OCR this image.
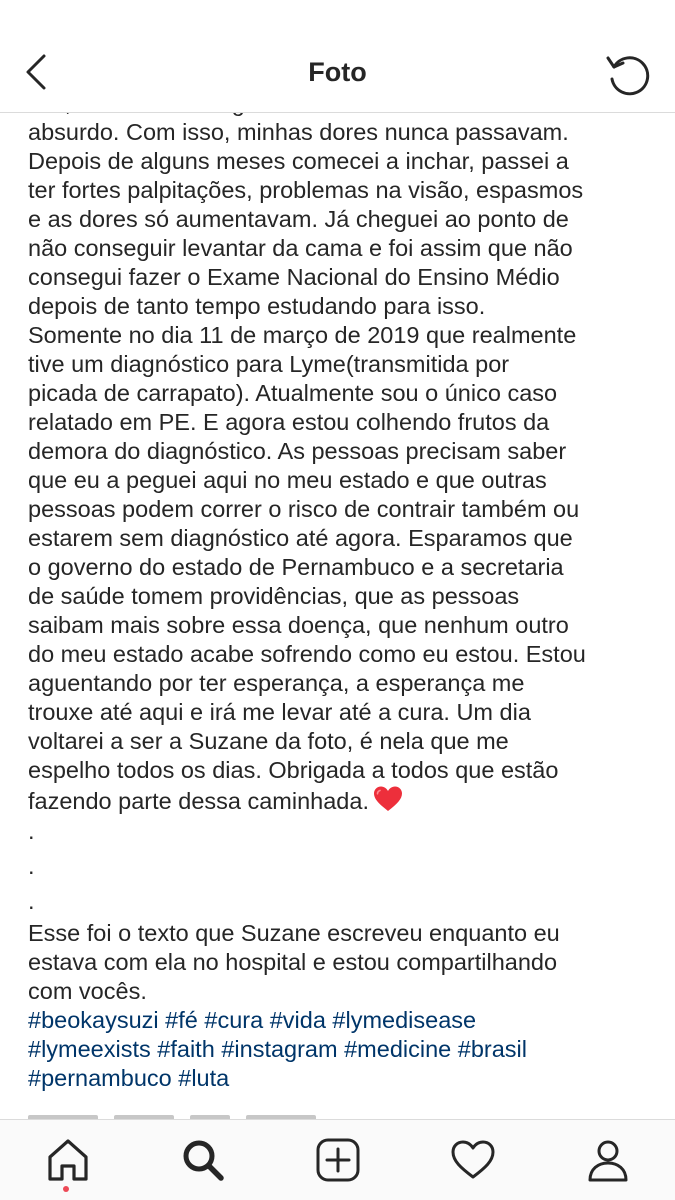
Foto
absurdo. Com isso, minhas dores nunca passavam.
Depois de alguns meses comecei a inchar, passei a
ter fortes palpitações, problemas na visão, espasmos
e as dores só aumentavam. Já cheguei ao ponto de
não conseguir levantar da cama e foi assim que não
consegui fazer o Exame Nacional do Ensino Médio
depois de tanto tempo estudando para isso.
Somente no dia 11 de março de 2019 que realmente
tive um diagnóstico para Lyme(transmitida por
picada de carrapato). Atualmente sou o único caso
relatado em PE. E agora estou colhendo frutos da
demora do diagnóstico. As pessoas precisam saber
que eu a peguei aqui no meu estado e que outras
pessoas podem correr o risco de contrair também ou
estarem sem diagnóstico até agora. Esparamos que
o governo do estado de Pernambuco e a secretaria
de saúde tomem providências, que as pessoas
saibam mais sobre essa doença, que nenhum outro
do meu estado acabe sofrendo como eu estou. Estou
aguentando por ter esperança, a esperança me
trouxe até aqui e irá me levar até a cura. Um dia
voltarei a ser a Suzane da foto, é nela que me
espelho todos os dias. Obrigada a todos que estão
fazendo parte dessa caminhada.
.
.
.
Esse foi o texto que Suzane escreveu enquanto eu
estava com ela no hospital e estou compartilhando
com vocês.
#beokaysuzi #fé #cura #vida #lymedisease
#lymeexists #faith #instagram #medicine #brasil
#pernambuco #luta
